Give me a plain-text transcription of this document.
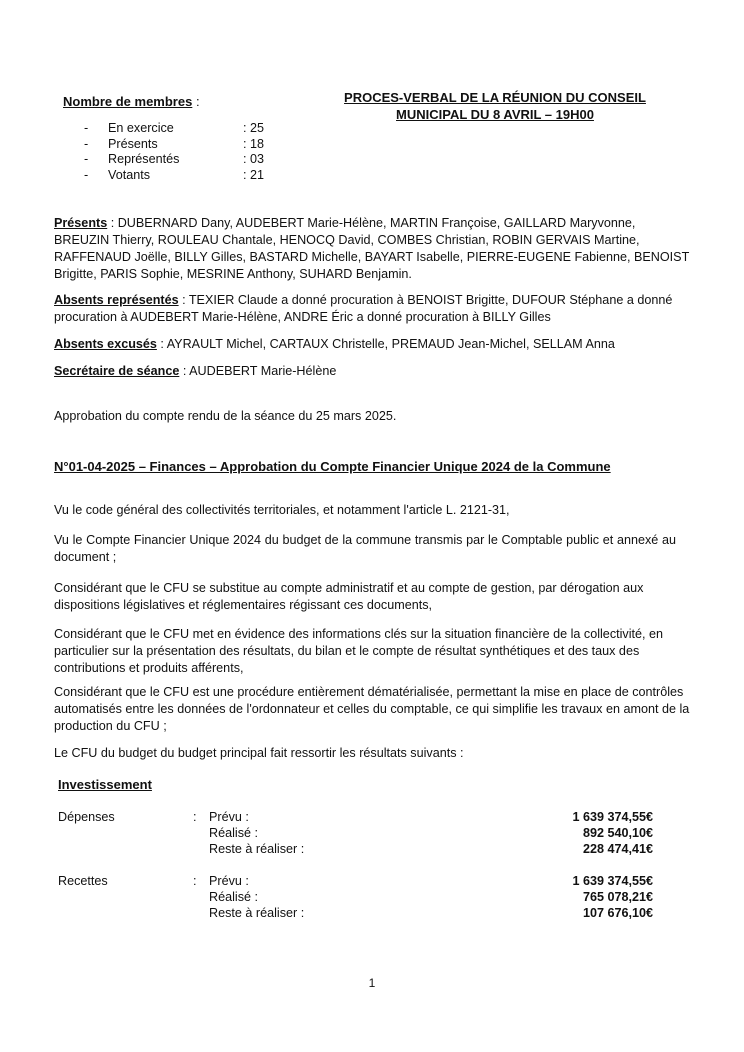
Nombre de membres :
- En exercice	: 25
- Présents	: 18
- Représentés	: 03
- Votants	: 21
PROCES-VERBAL DE LA RÉUNION DU CONSEIL
MUNICIPAL DU 8 AVRIL – 19H00
Présents : DUBERNARD Dany, AUDEBERT Marie-Hélène, MARTIN Françoise, GAILLARD Maryvonne, BREUZIN Thierry, ROULEAU Chantale, HENOCQ David, COMBES Christian, ROBIN GERVAIS Martine, RAFFENAUD Joëlle, BILLY Gilles, BASTARD Michelle, BAYART Isabelle, PIERRE-EUGENE Fabienne, BENOIST Brigitte, PARIS Sophie, MESRINE Anthony, SUHARD Benjamin.
Absents représentés : TEXIER Claude a donné procuration à BENOIST Brigitte, DUFOUR Stéphane a donné procuration à AUDEBERT Marie-Hélène, ANDRE Éric a donné procuration à BILLY Gilles
Absents excusés : AYRAULT Michel, CARTAUX Christelle, PREMAUD Jean-Michel, SELLAM Anna
Secrétaire de séance : AUDEBERT Marie-Hélène
Approbation du compte rendu de la séance du 25 mars 2025.
N°01-04-2025 – Finances – Approbation du Compte Financier Unique 2024 de la Commune
Vu le code général des collectivités territoriales, et notamment l'article L. 2121-31,
Vu le Compte Financier Unique 2024 du budget de la commune transmis par le Comptable public et annexé au document ;
Considérant que le CFU se substitue au compte administratif et au compte de gestion, par dérogation aux dispositions législatives et réglementaires régissant ces documents,
Considérant que le CFU met en évidence des informations clés sur la situation financière de la collectivité, en particulier sur la présentation des résultats, du bilan et le compte de résultat synthétiques et des taux des contributions et produits afférents,
Considérant que le CFU est une procédure entièrement dématérialisée, permettant la mise en place de contrôles automatisés entre les données de l'ordonnateur et celles du comptable, ce qui simplifie les travaux en amont de la production du CFU ;
Le CFU du budget du budget principal fait ressortir les résultats suivants :
Investissement
Dépenses	: Prévu :	1 639 374,55€
Réalisé :	892 540,10€
Reste à réaliser :	228 474,41€
Recettes	: Prévu :	1 639 374,55€
Réalisé :	765 078,21€
Reste à réaliser :	107 676,10€
1
